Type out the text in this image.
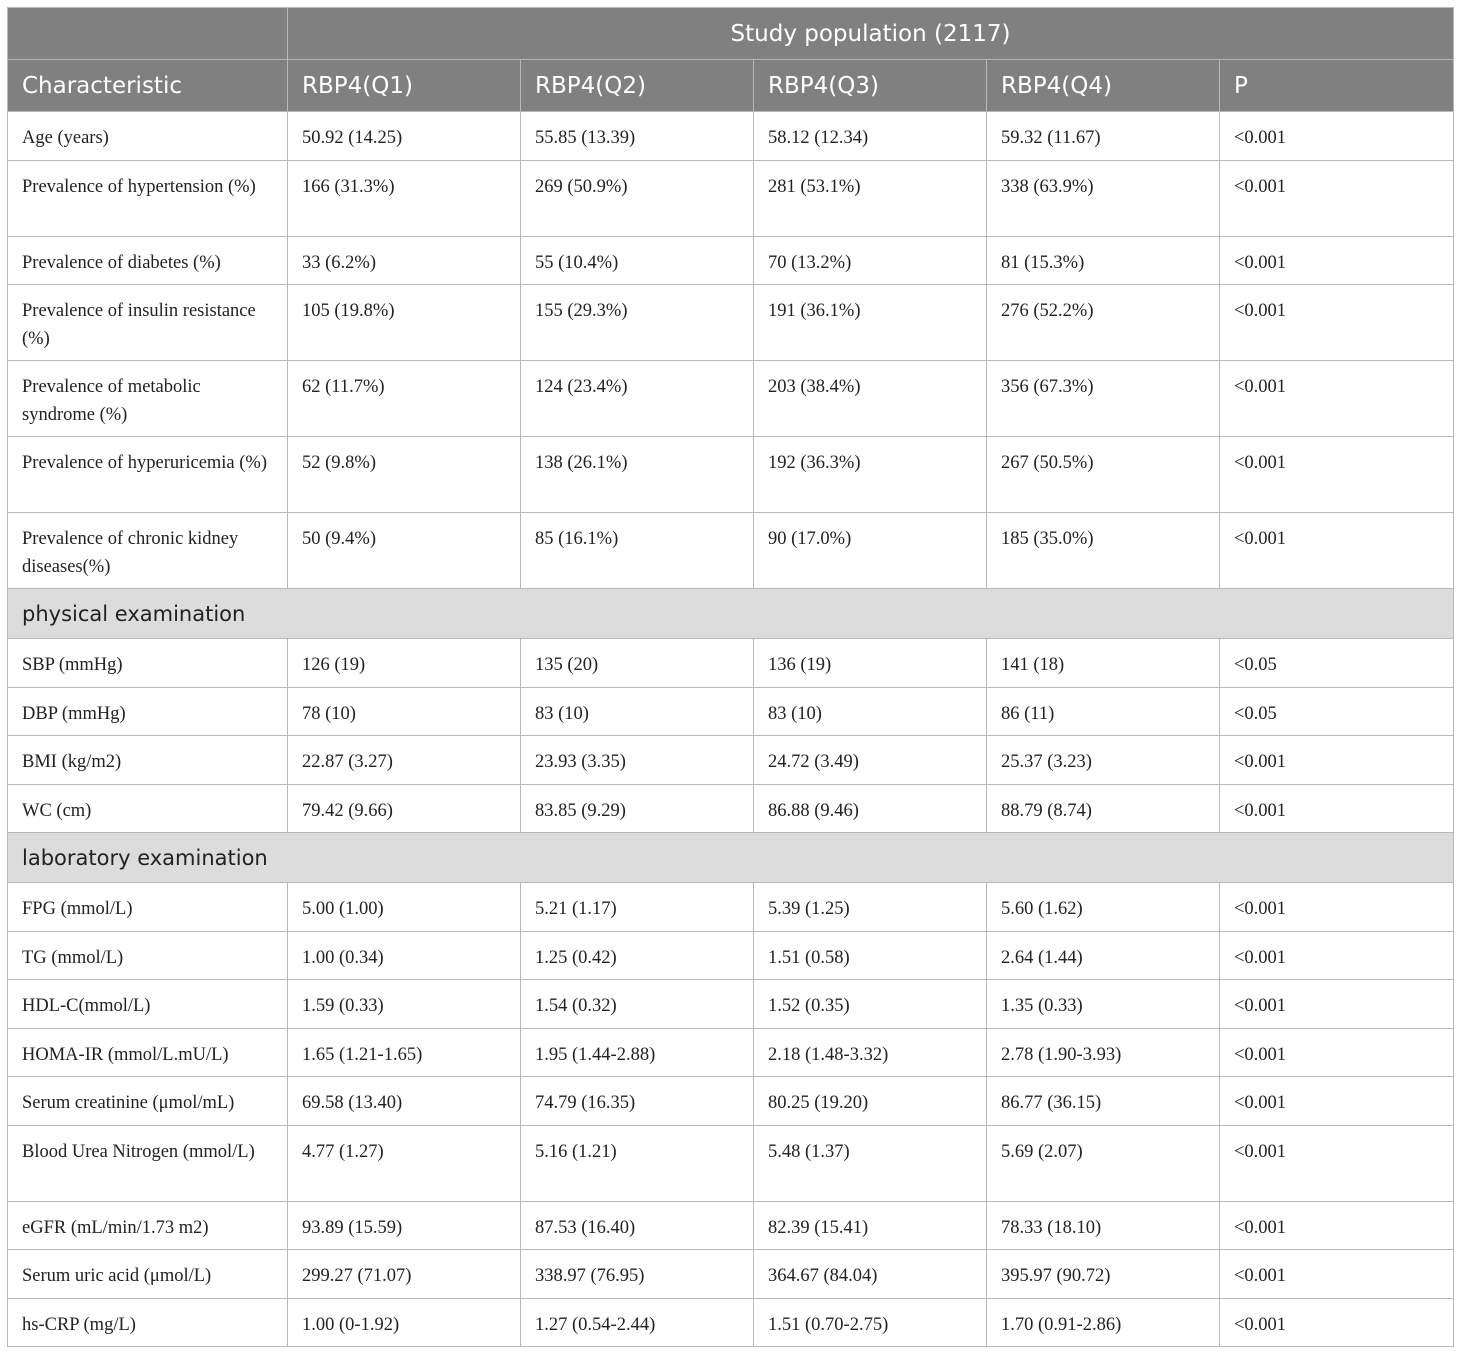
	Study population (2117)				
Characteristic	RBP4(Q1)	RBP4(Q2)	RBP4(Q3)	RBP4(Q4)	P
Age (years)	50.92 (14.25)	55.85 (13.39)	58.12 (12.34)	59.32 (11.67)	<0.001
Prevalence of hypertension (%)	166 (31.3%)	269 (50.9%)	281 (53.1%)	338 (63.9%)	<0.001
Prevalence of diabetes (%)	33 (6.2%)	55 (10.4%)	70 (13.2%)	81 (15.3%)	<0.001
Prevalence of insulin resistance (%)	105 (19.8%)	155 (29.3%)	191 (36.1%)	276 (52.2%)	<0.001
Prevalence of metabolic syndrome (%)	62 (11.7%)	124 (23.4%)	203 (38.4%)	356 (67.3%)	<0.001
Prevalence of hyperuricemia (%)	52 (9.8%)	138 (26.1%)	192 (36.3%)	267 (50.5%)	<0.001
Prevalence of chronic kidney diseases(%)	50 (9.4%)	85 (16.1%)	90 (17.0%)	185 (35.0%)	<0.001
physical examination					
SBP (mmHg)	126 (19)	135 (20)	136 (19)	141 (18)	<0.05
DBP (mmHg)	78 (10)	83 (10)	83 (10)	86 (11)	<0.05
BMI (kg/m2)	22.87 (3.27)	23.93 (3.35)	24.72 (3.49)	25.37 (3.23)	<0.001
WC (cm)	79.42 (9.66)	83.85 (9.29)	86.88 (9.46)	88.79 (8.74)	<0.001
laboratory examination					
FPG (mmol/L)	5.00 (1.00)	5.21 (1.17)	5.39 (1.25)	5.60 (1.62)	<0.001
TG (mmol/L)	1.00 (0.34)	1.25 (0.42)	1.51 (0.58)	2.64 (1.44)	<0.001
HDL-C(mmol/L)	1.59 (0.33)	1.54 (0.32)	1.52 (0.35)	1.35 (0.33)	<0.001
HOMA-IR (mmol/L.mU/L)	1.65 (1.21-1.65)	1.95 (1.44-2.88)	2.18 (1.48-3.32)	2.78 (1.90-3.93)	<0.001
Serum creatinine (μmol/mL)	69.58 (13.40)	74.79 (16.35)	80.25 (19.20)	86.77 (36.15)	<0.001
Blood Urea Nitrogen (mmol/L)	4.77 (1.27)	5.16 (1.21)	5.48 (1.37)	5.69 (2.07)	<0.001
eGFR (mL/min/1.73 m2)	93.89 (15.59)	87.53 (16.40)	82.39 (15.41)	78.33 (18.10)	<0.001
Serum uric acid (μmol/L)	299.27 (71.07)	338.97 (76.95)	364.67 (84.04)	395.97 (90.72)	<0.001
hs-CRP (mg/L)	1.00 (0-1.92)	1.27 (0.54-2.44)	1.51 (0.70-2.75)	1.70 (0.91-2.86)	<0.001
